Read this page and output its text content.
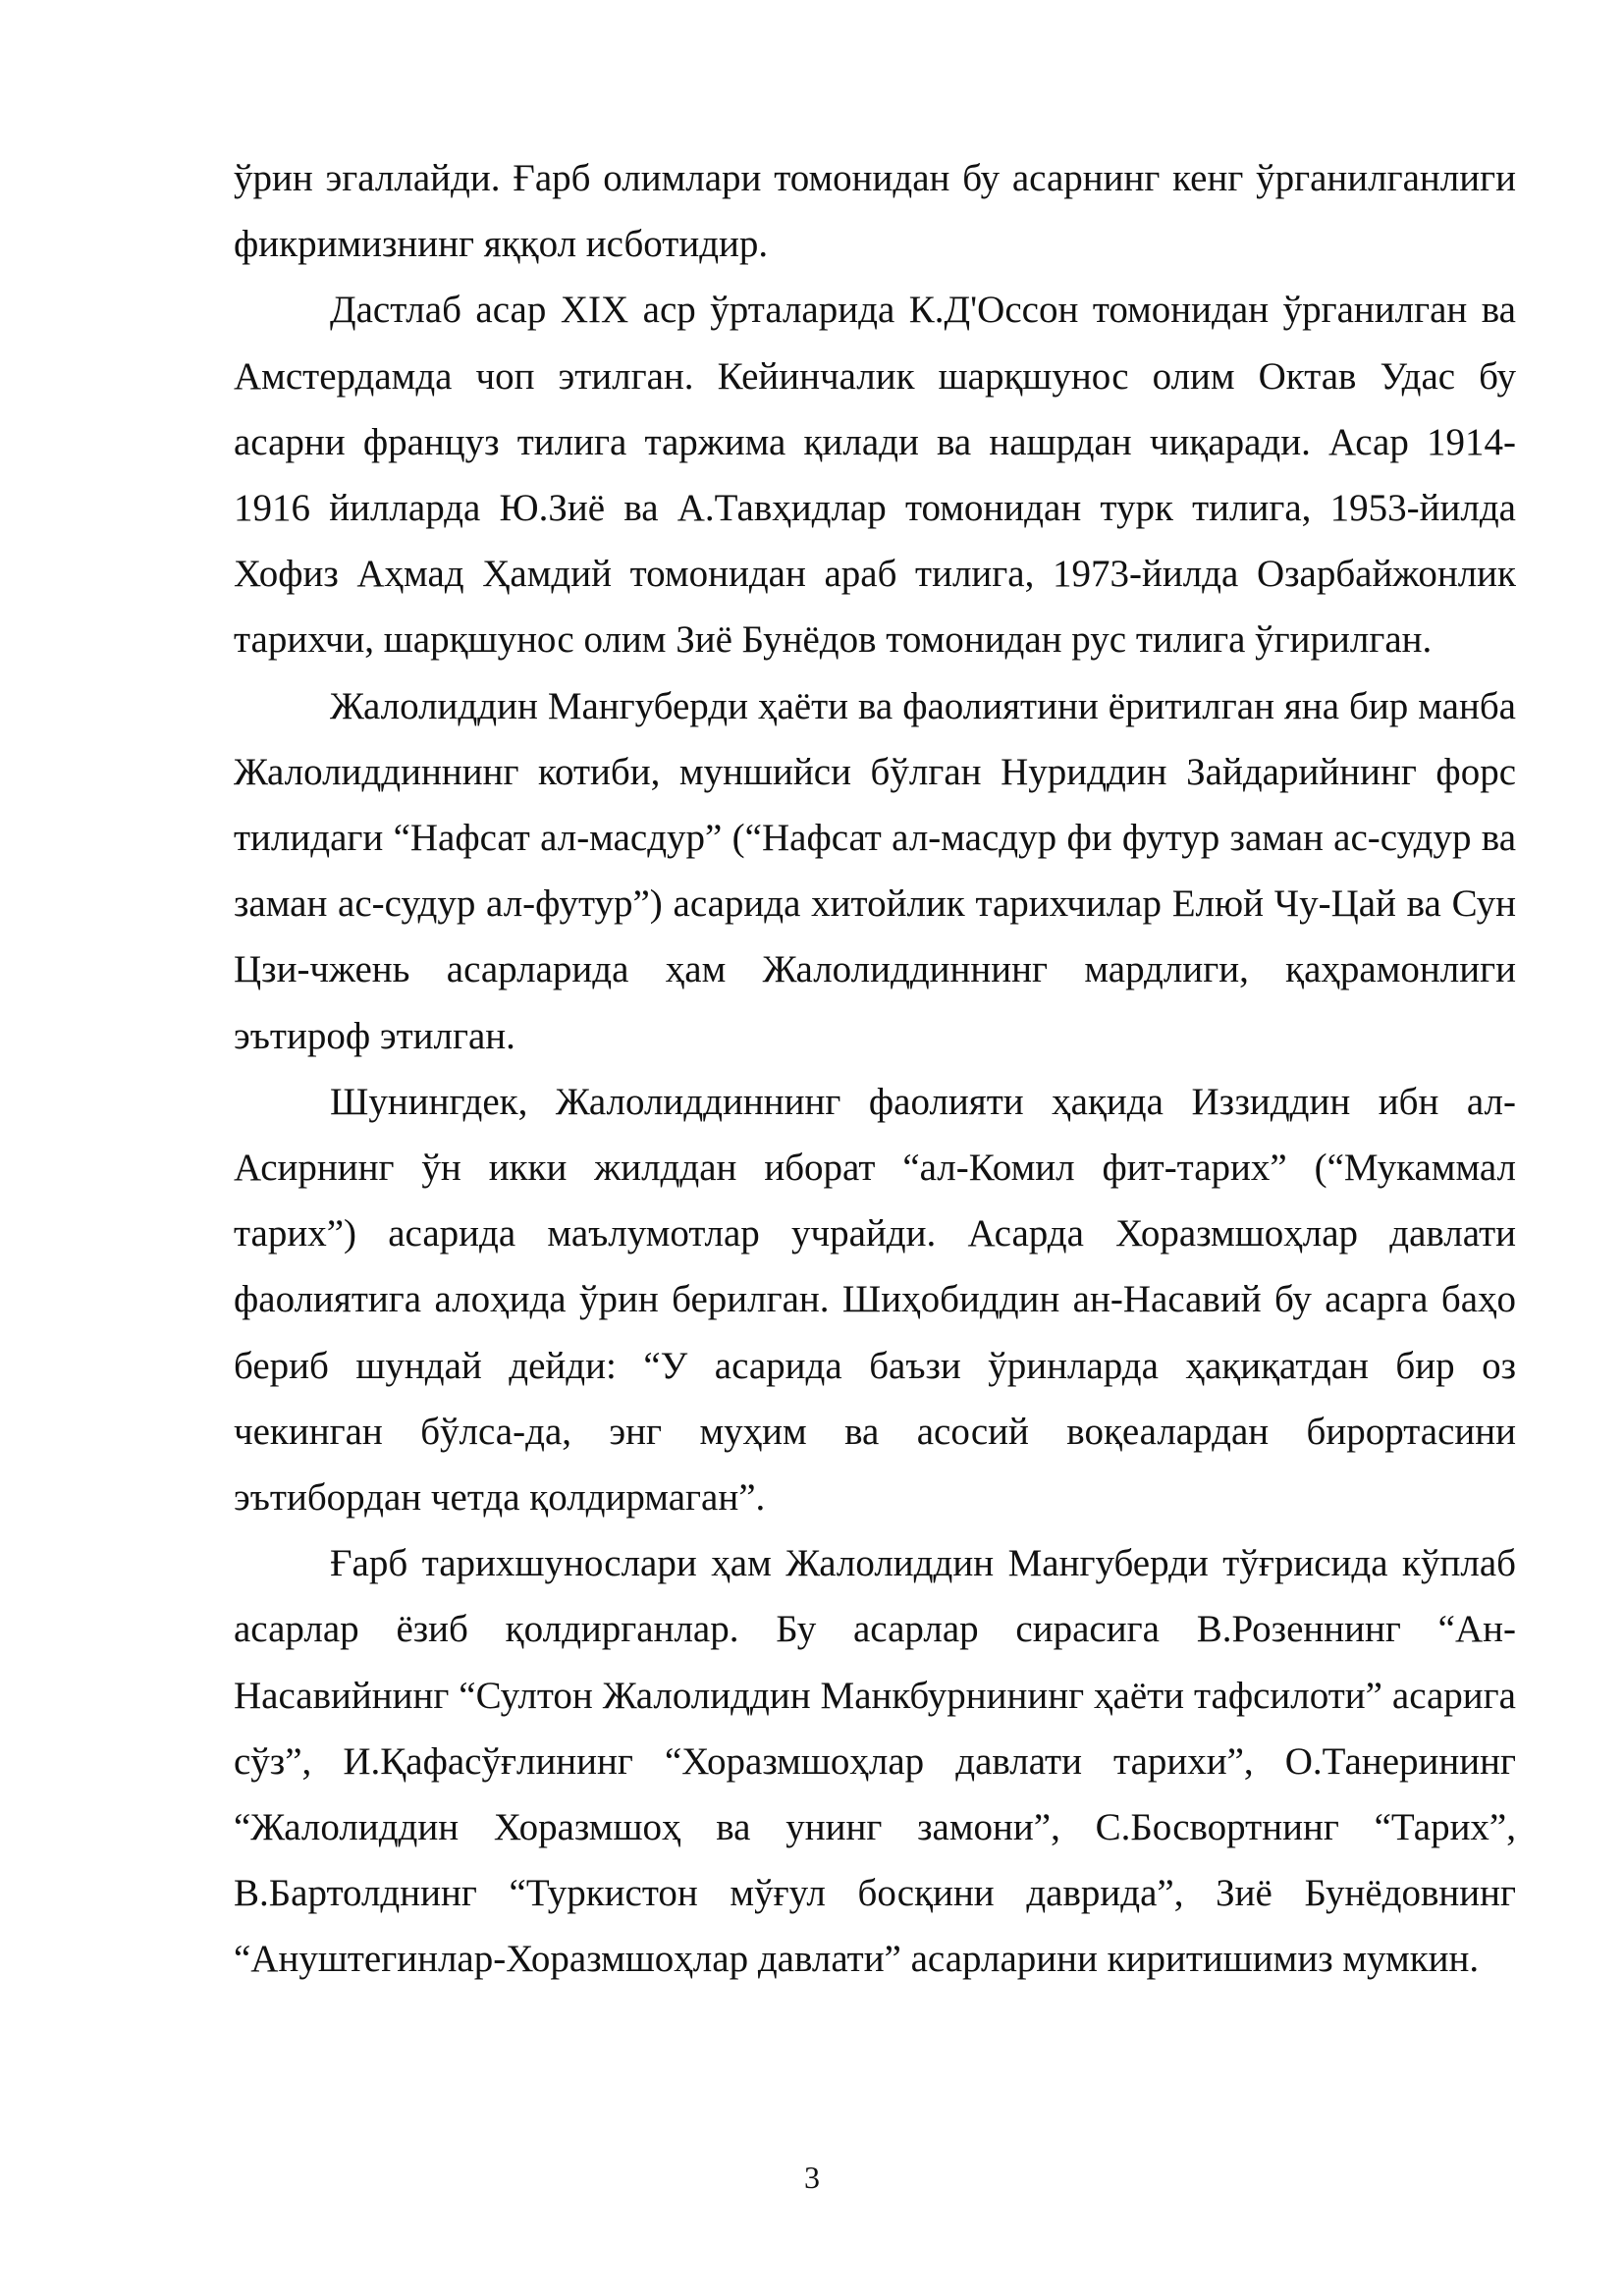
ўрин эгаллайди. Ғарб олимлари томонидан бу асарнинг кенг ўрганилганлиги фикримизнинг яққол исботидир.

Дастлаб асар XIX аср ўрталарида К.Д'Оссон томонидан ўрганилган ва Амстердамда чоп этилган. Кейинчалик шарқшунос олим Октав Удас бу асарни француз тилига таржима қилади ва нашрдан чиқаради. Асар 1914-1916 йилларда Ю.Зиё ва А.Тавҳидлар томонидан турк тилига, 1953-йилда Хофиз Аҳмад Ҳамдий томонидан араб тилига, 1973-йилда Озарбайжонлик тарихчи, шарқшунос олим Зиё Бунёдов томонидан рус тилига ўгирилган.

Жалолиддин Мангуберди ҳаёти ва фаолиятини ёритилган яна бир манба Жалолиддиннинг котиби, муншийси бўлган Нуриддин Зайдарийнинг форс тилидаги “Нафсат ал-масдур” (“Нафсат ал-масдур фи футур заман ас-судур ва заман ас-судур ал-футур”) асарида хитойлик тарихчилар Елюй Чу-Цай ва Сун Цзи-чжень асарларида ҳам Жалолиддиннинг мардлиги, қаҳрамонлиги эътироф этилган.

Шунингдек, Жалолиддиннинг фаолияти ҳақида Иззиддин ибн ал-Асирнинг ўн икки жилддан иборат “ал-Комил фит-тарих” (“Мукаммал тарих”) асарида маълумотлар учрайди. Асарда Хоразмшоҳлар давлати фаолиятига алоҳида ўрин берилган. Шиҳобиддин ан-Насавий бу асарга баҳо бериб шундай дейди: “У асарида баъзи ўринларда ҳақиқатдан бир оз чекинган бўлса-да, энг муҳим ва асосий воқеалардан бирортасини эътибордан четда қолдирмаган”.

Ғарб тарихшунослари ҳам Жалолиддин Мангуберди тўғрисида кўплаб асарлар ёзиб қолдирганлар. Бу асарлар сирасига В.Розеннинг “Ан-Насавийнинг “Султон Жалолиддин Манкбурнининг ҳаёти тафсилоти” асарига сўз”, И.Қафасўғлининг “Хоразмшоҳлар давлати тарихи”, О.Танерининг “Жалолиддин Хоразмшоҳ ва унинг замони”, С.Босвортнинг “Тарих”, В.Бартолднинг “Туркистон мўғул босқини даврида”, Зиё Бунёдовнинг “Ануштегинлар-Хоразмшоҳлар давлати” асарларини киритишимиз мумкин.

3
